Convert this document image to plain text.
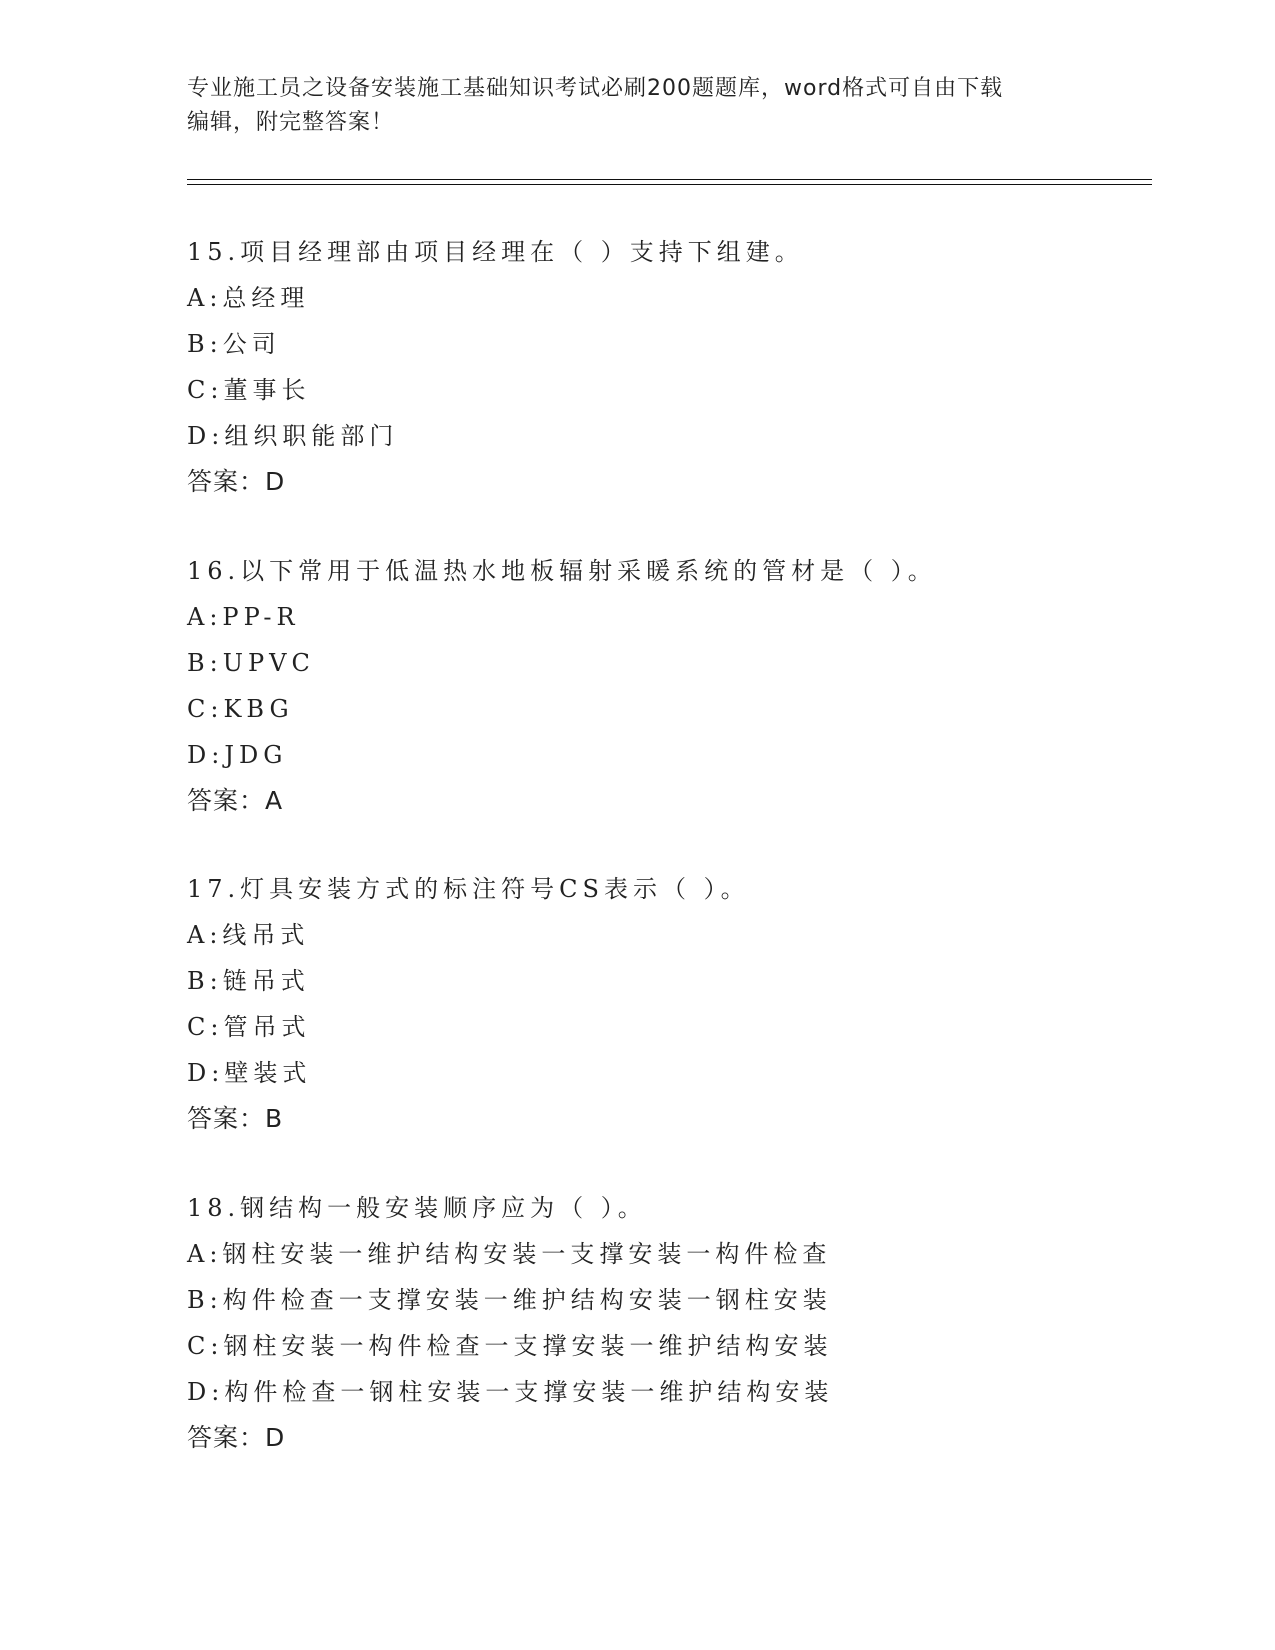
专业施工员之设备安装施工基础知识考试必刷200题题库，word格式可自由下载
编辑，附完整答案！
15.项目经理部由项目经理在（ ）支持下组建。
A:总经理
B:公司
C:董事长
D:组织职能部门
答案：D
16.以下常用于低温热水地板辐射采暖系统的管材是（ ）。
A:PP-R
B:UPVC
C:KBG
D:JDG
答案：A
17.灯具安装方式的标注符号CS表示（ ）。
A:线吊式
B:链吊式
C:管吊式
D:壁装式
答案：B
18.钢结构一般安装顺序应为（ ）。
A:钢柱安装一维护结构安装一支撑安装一构件检查
B:构件检查一支撑安装一维护结构安装一钢柱安装
C:钢柱安装一构件检查一支撑安装一维护结构安装
D:构件检查一钢柱安装一支撑安装一维护结构安装
答案：D
